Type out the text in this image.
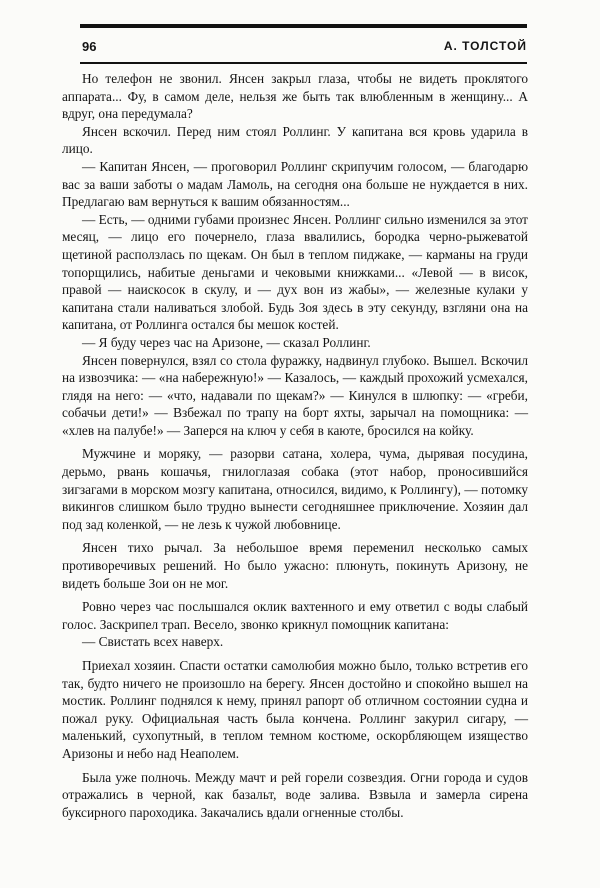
96	А. ТОЛСТОЙ

Но телефон не звонил. Янсен закрыл глаза, чтобы не видеть проклятого аппарата... Фу, в самом деле, нельзя же быть так влюбленным в женщину... А вдруг, она передумала?

Янсен вскочил. Перед ним стоял Роллинг. У капитана вся кровь ударила в лицо.

— Капитан Янсен, — проговорил Роллинг скрипучим голосом, — благодарю вас за ваши заботы о мадам Ламоль, на сегодня она больше не нуждается в них. Предлагаю вам вернуться к вашим обязанностям...

— Есть, — одними губами произнес Янсен. Роллинг сильно изменился за этот месяц, — лицо его почернело, глаза ввалились, бородка черно-рыжеватой щетиной расползлась по щекам. Он был в теплом пиджаке, — карманы на груди топорщились, набитые деньгами и чековыми книжками... «Левой — в висок, правой — наискосок в скулу, и — дух вон из жабы», — железные кулаки у капитана стали наливаться злобой. Будь Зоя здесь в эту секунду, взгляни она на капитана, от Роллинга остался бы мешок костей.

— Я буду через час на Аризоне, — сказал Роллинг.

Янсен повернулся, взял со стола фуражку, надвинул глубоко. Вышел. Вскочил на извозчика: — «на набережную!» — Казалось, — каждый прохожий усмехался, глядя на него: — «что, надавали по щекам?» — Кинулся в шлюпку: — «греби, собачьи дети!» — Взбежал по трапу на борт яхты, зарычал на помощника: — «хлев на палубе!» — Заперся на ключ у себя в каюте, бросился на койку.

Мужчине и моряку, — разорви сатана, холера, чума, дырявая посудина, дерьмо, рвань кошачья, гнилоглазая собака (этот набор, проносившийся зигзагами в морском мозгу капитана, относился, видимо, к Роллингу), — потомку викингов слишком было трудно вынести сегодняшнее приключение. Хозяин дал под зад коленкой, — не лезь к чужой любовнице.

Янсен тихо рычал. За небольшое время переменил несколько самых противоречивых решений. Но было ужасно: плюнуть, покинуть Аризону, не видеть больше Зои он не мог.

Ровно через час послышался оклик вахтенного и ему ответил с воды слабый голос. Заскрипел трап. Весело, звонко крикнул помощник капитана:

— Свистать всех наверх.

Приехал хозяин. Спасти остатки самолюбия можно было, только встретив его так, будто ничего не произошло на берегу. Янсен достойно и спокойно вышел на мостик. Роллинг поднялся к нему, принял рапорт об отличном состоянии судна и пожал руку. Официальная часть была кончена. Роллинг закурил сигару, — маленький, сухопутный, в теплом темном костюме, оскорбляющем изящество Аризоны и небо над Неаполем.

Была уже полночь. Между мачт и рей горели созвездия. Огни города и судов отражались в черной, как базальт, воде залива. Взвыла и замерла сирена буксирного пароходика. Закачались вдали огненные столбы.
